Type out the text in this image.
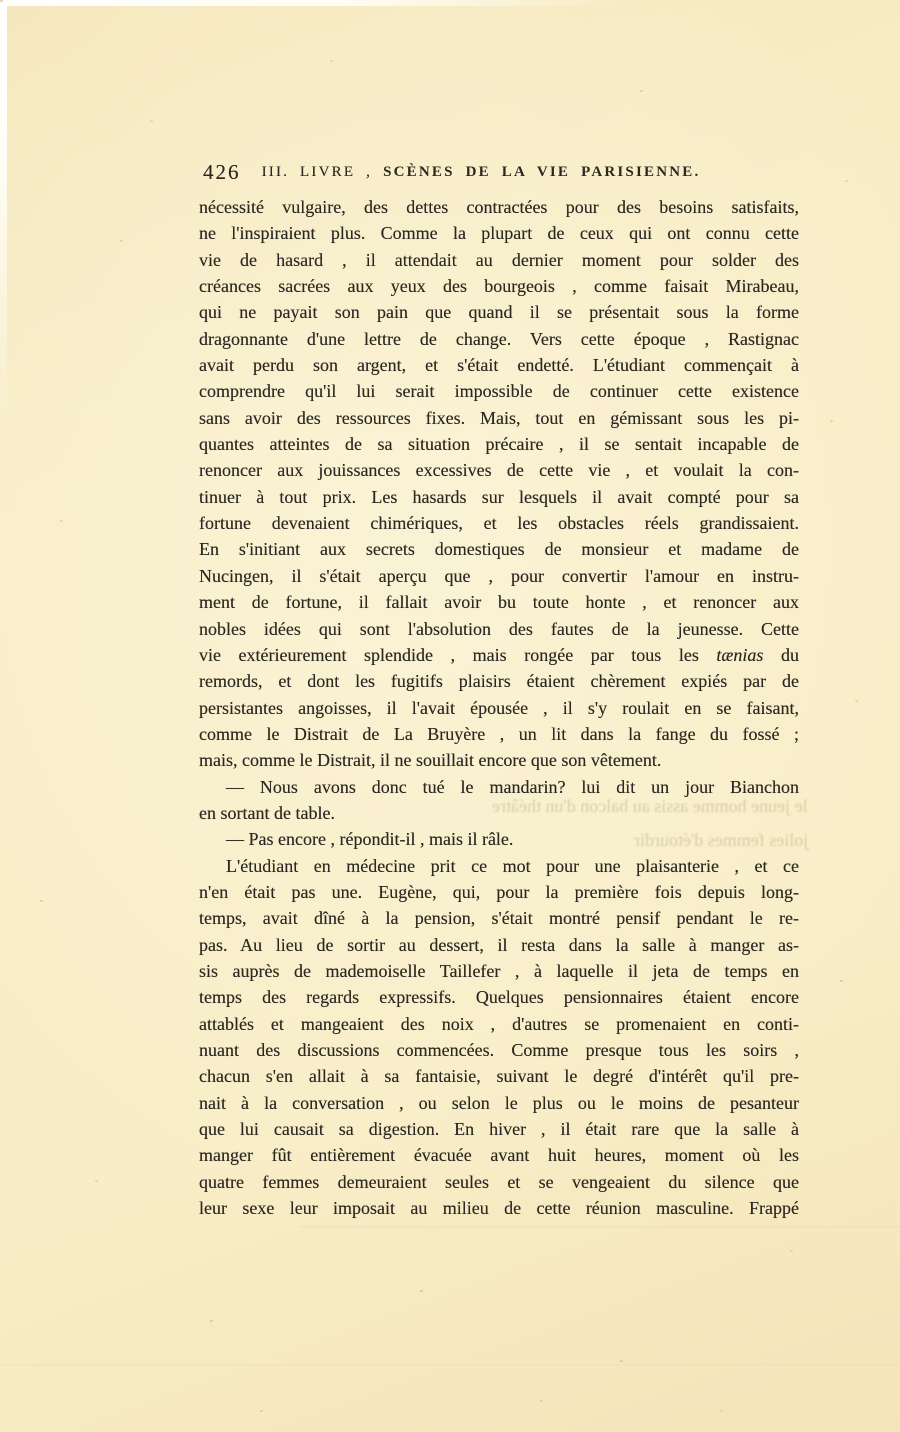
426	III. LIVRE , SCÈNES DE LA VIE PARISIENNE.
le jeune homme assis au balcon d'un théâtre
jolies femmes d'étourdir
nécessité vulgaire, des dettes contractées pour des besoins satisfaits,
ne l'inspiraient plus. Comme la plupart de ceux qui ont connu cette
vie de hasard , il attendait au dernier moment pour solder des
créances sacrées aux yeux des bourgeois , comme faisait Mirabeau,
qui ne payait son pain que quand il se présentait sous la forme
dragonnante d'une lettre de change. Vers cette époque , Rastignac
avait perdu son argent, et s'était endetté. L'étudiant commençait à
comprendre qu'il lui serait impossible de continuer cette existence
sans avoir des ressources fixes. Mais, tout en gémissant sous les pi-
quantes atteintes de sa situation précaire , il se sentait incapable de
renoncer aux jouissances excessives de cette vie , et voulait la con-
tinuer à tout prix. Les hasards sur lesquels il avait compté pour sa
fortune devenaient chimériques, et les obstacles réels grandissaient.
En s'initiant aux secrets domestiques de monsieur et madame de
Nucingen, il s'était aperçu que , pour convertir l'amour en instru-
ment de fortune, il fallait avoir bu toute honte , et renoncer aux
nobles idées qui sont l'absolution des fautes de la jeunesse. Cette
vie extérieurement splendide , mais rongée par tous les tænias du
remords, et dont les fugitifs plaisirs étaient chèrement expiés par de
persistantes angoisses, il l'avait épousée , il s'y roulait en se faisant,
comme le Distrait de La Bruyère , un lit dans la fange du fossé ;
mais, comme le Distrait, il ne souillait encore que son vêtement.
— Nous avons donc tué le mandarin? lui dit un jour Bianchon
en sortant de table.
— Pas encore , répondit-il , mais il râle.
L'étudiant en médecine prit ce mot pour une plaisanterie , et ce
n'en était pas une. Eugène, qui, pour la première fois depuis long-
temps, avait dîné à la pension, s'était montré pensif pendant le re-
pas. Au lieu de sortir au dessert, il resta dans la salle à manger as-
sis auprès de mademoiselle Taillefer , à laquelle il jeta de temps en
temps des regards expressifs. Quelques pensionnaires étaient encore
attablés et mangeaient des noix , d'autres se promenaient en conti-
nuant des discussions commencées. Comme presque tous les soirs ,
chacun s'en allait à sa fantaisie, suivant le degré d'intérêt qu'il pre-
nait à la conversation , ou selon le plus ou le moins de pesanteur
que lui causait sa digestion. En hiver , il était rare que la salle à
manger fût entièrement évacuée avant huit heures, moment où les
quatre femmes demeuraient seules et se vengeaient du silence que
leur sexe leur imposait au milieu de cette réunion masculine. Frappé
